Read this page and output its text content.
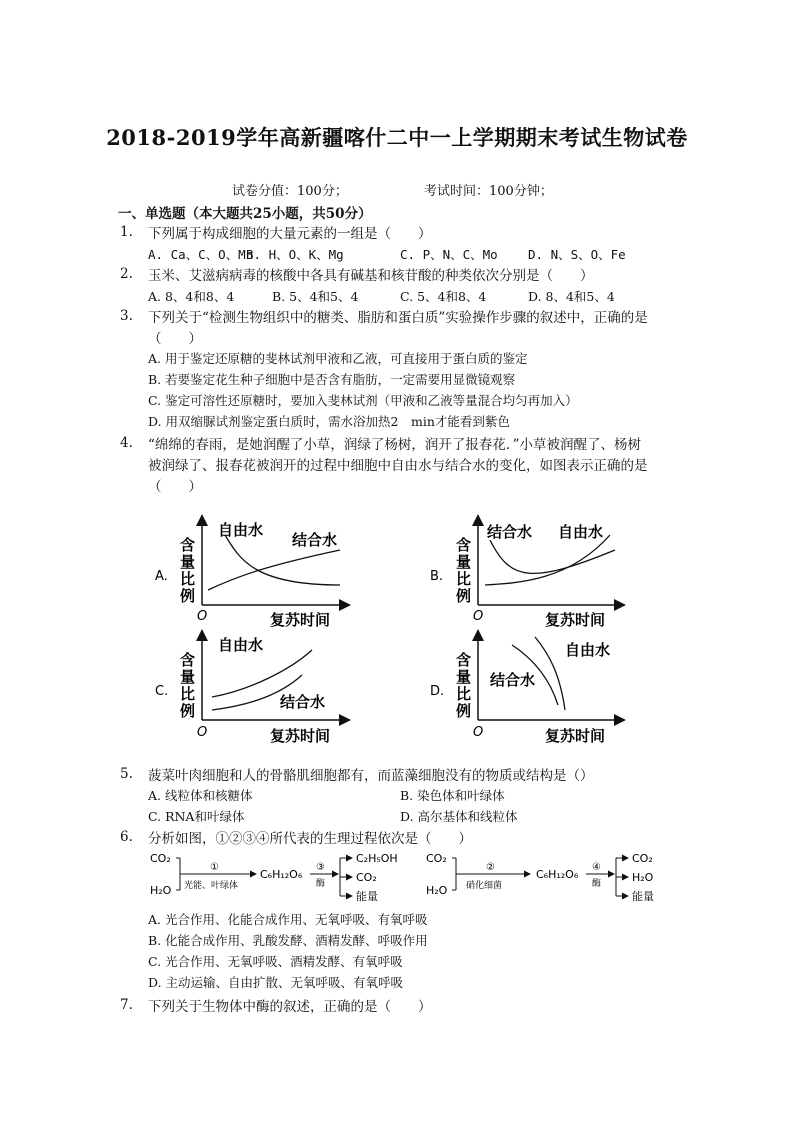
2018-2019学年高新疆喀什二中一上学期期末考试生物试卷
试卷分值：100分；	考试时间：100分钟；
一、单选题（本大题共25小题，共50分）
1. 下列属于构成细胞的大量元素的一组是（　　）
A. Ca、C、O、Mn
B. H、O、K、Mg	C. P、N、C、Mo D. N、S、O、Fe
2. 玉米、艾滋病病毒的核酸中各具有碱基和核苷酸的种类依次分别是（　　）
A. 8、4和8、4	B. 5、4和5、4	C. 5、4和8、4	D. 8、4和5、4
3. 下列关于“检测生物组织中的糖类、脂肪和蛋白质”实验操作步骤的叙述中，正确的是
（　　）
A. 用于鉴定还原糖的斐林试剂甲液和乙液，可直接用于蛋白质的鉴定
B. 若要鉴定花生种子细胞中是否含有脂肪，一定需要用显微镜观察
C. 鉴定可溶性还原糖时，要加入斐林试剂（甲液和乙液等量混合均匀再加入）
D. 用双缩脲试剂鉴定蛋白质时，需水浴加热2　min才能看到紫色
4. “绵绵的春雨，是她润醒了小草，润绿了杨树，润开了报春花．”小草被润醒了、杨树
被润绿了、报春花被润开的过程中细胞中自由水与结合水的变化，如图表示正确的是
（　　）
A.
含
量
比
例
O	复苏时间
自由水
结合水
B.
含
量
比
例
O	复苏时间
结合水 自由水
C.
含
量
比
例
O	复苏时间
自由水
结合水
D.
含
量
比
例
O	复苏时间
自由水
结合水
5. 菠菜叶肉细胞和人的骨骼肌细胞都有，而蓝藻细胞没有的物质或结构是（）
A. 线粒体和核糖体	B. 染色体和叶绿体
C. RNA和叶绿体	D. 高尔基体和线粒体
6. 分析如图，①②③④所代表的生理过程依次是（　　）
CO₂
H₂O
①
光能、叶绿体
C₆H₁₂O₆
③
酶
C₂H₅OH
CO₂
能量
CO₂
H₂O
②
硝化细菌
C₆H₁₂O₆
④
酶
CO₂
H₂O
能量
A. 光合作用、化能合成作用、无氧呼吸、有氧呼吸
B. 化能合成作用、乳酸发酵、酒精发酵、呼吸作用
C. 光合作用、无氧呼吸、酒精发酵、有氧呼吸
D. 主动运输、自由扩散、无氧呼吸、有氧呼吸
7. 下列关于生物体中酶的叙述，正确的是（　　）
